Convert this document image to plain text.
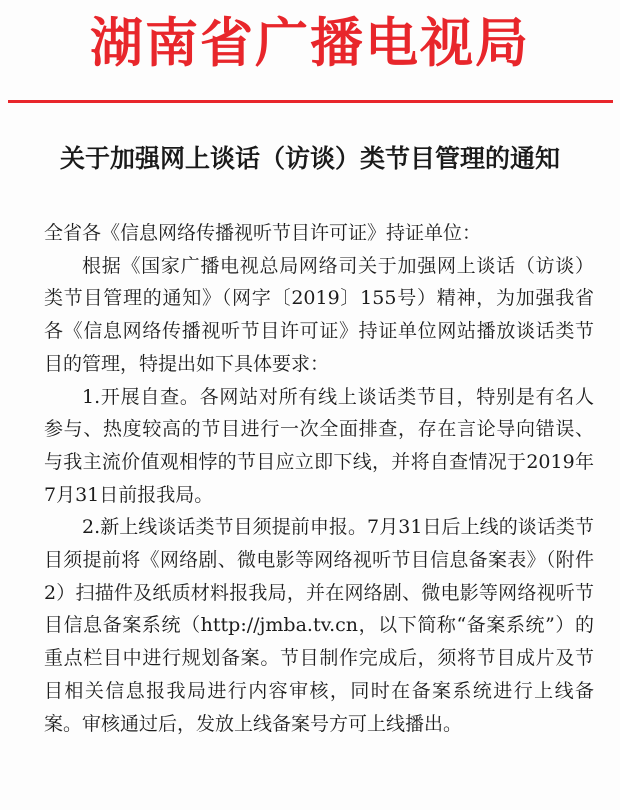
湖南省广播电视局
关于加强网上谈话（访谈）类节目管理的通知

全省各《信息网络传播视听节目许可证》持证单位：

根据《国家广播电视总局网络司关于加强网上谈话（访谈）类节目管理的通知》（网字〔2019〕155号）精神，为加强我省各《信息网络传播视听节目许可证》持证单位网站播放谈话类节目的管理，特提出如下具体要求：

1.开展自查。各网站对所有线上谈话类节目，特别是有名人参与、热度较高的节目进行一次全面排查，存在言论导向错误、与我主流价值观相悖的节目应立即下线，并将自查情况于2019年7月31日前报我局。

2.新上线谈话类节目须提前申报。7月31日后上线的谈话类节目须提前将《网络剧、微电影等网络视听节目信息备案表》（附件2）扫描件及纸质材料报我局，并在网络剧、微电影等网络视听节目信息备案系统（http://jmba.tv.cn，以下简称“备案系统”）的重点栏目中进行规划备案。节目制作完成后，须将节目成片及节目相关信息报我局进行内容审核，同时在备案系统进行上线备案。审核通过后，发放上线备案号方可上线播出。
